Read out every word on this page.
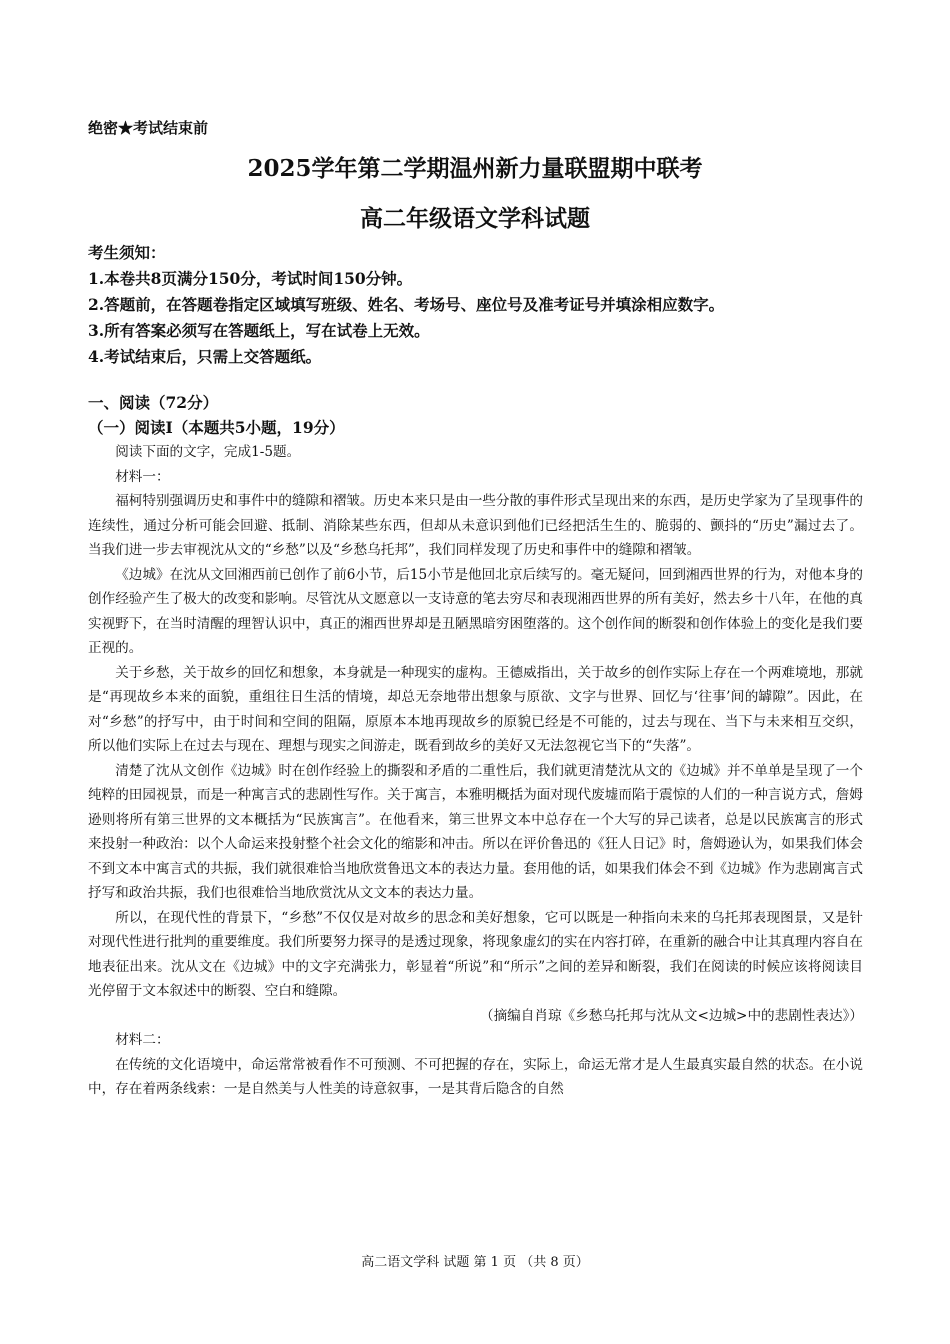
绝密★考试结束前
2025学年第二学期温州新力量联盟期中联考
高二年级语文学科试题
考生须知：
1.本卷共8页满分150分，考试时间150分钟。
2.答题前，在答题卷指定区域填写班级、姓名、考场号、座位号及准考证号并填涂相应数字。
3.所有答案必须写在答题纸上，写在试卷上无效。
4.考试结束后，只需上交答题纸。
一、阅读（72分）
（一）阅读Ⅰ（本题共5小题，19分）

阅读下面的文字，完成1-5题。

材料一：

福柯特别强调历史和事件中的缝隙和褶皱。历史本来只是由一些分散的事件形式呈现出来的东西，是历史学家为了呈现事件的连续性，通过分析可能会回避、抵制、消除某些东西，但却从未意识到他们已经把活生生的、脆弱的、颤抖的“历史”漏过去了。当我们进一步去审视沈从文的“乡愁”以及“乡愁乌托邦”，我们同样发现了历史和事件中的缝隙和褶皱。

《边城》在沈从文回湘西前已创作了前6小节，后15小节是他回北京后续写的。毫无疑问，回到湘西世界的行为，对他本身的创作经验产生了极大的改变和影响。尽管沈从文愿意以一支诗意的笔去穷尽和表现湘西世界的所有美好，然去乡十八年，在他的真实视野下，在当时清醒的理智认识中，真正的湘西世界却是丑陋黑暗穷困堕落的。这个创作间的断裂和创作体验上的变化是我们要正视的。

关于乡愁，关于故乡的回忆和想象，本身就是一种现实的虚构。王德威指出，关于故乡的创作实际上存在一个两难境地，那就是“再现故乡本来的面貌，重组往日生活的情境，却总无奈地带出想象与原欲、文字与世界、回忆与‘往事’间的罅隙”。因此，在对“乡愁”的抒写中，由于时间和空间的阻隔，原原本本地再现故乡的原貌已经是不可能的，过去与现在、当下与未来相互交织，所以他们实际上在过去与现在、理想与现实之间游走，既看到故乡的美好又无法忽视它当下的“失落”。

清楚了沈从文创作《边城》时在创作经验上的撕裂和矛盾的二重性后，我们就更清楚沈从文的《边城》并不单单是呈现了一个纯粹的田园视景，而是一种寓言式的悲剧性写作。关于寓言，本雅明概括为面对现代废墟而陷于震惊的人们的一种言说方式，詹姆逊则将所有第三世界的文本概括为“民族寓言”。在他看来，第三世界文本中总存在一个大写的异己读者，总是以民族寓言的形式来投射一种政治：以个人命运来投射整个社会文化的缩影和冲击。所以在评价鲁迅的《狂人日记》时，詹姆逊认为，如果我们体会不到文本中寓言式的共振，我们就很难恰当地欣赏鲁迅文本的表达力量。套用他的话，如果我们体会不到《边城》作为悲剧寓言式抒写和政治共振，我们也很难恰当地欣赏沈从文文本的表达力量。

所以，在现代性的背景下，“乡愁”不仅仅是对故乡的思念和美好想象，它可以既是一种指向未来的乌托邦表现图景，又是针对现代性进行批判的重要维度。我们所要努力探寻的是透过现象，将现象虚幻的实在内容打碎，在重新的融合中让其真理内容自在地表征出来。沈从文在《边城》中的文字充满张力，彰显着“所说”和“所示”之间的差异和断裂，我们在阅读的时候应该将阅读目光停留于文本叙述中的断裂、空白和缝隙。

（摘编自肖琼《乡愁乌托邦与沈从文<边城>中的悲剧性表达》）

材料二：

在传统的文化语境中，命运常常被看作不可预测、不可把握的存在，实际上，命运无常才是人生最真实最自然的状态。在小说中，存在着两条线索：一是自然美与人性美的诗意叙事，一是其背后隐含的自然

高二语文学科 试题 第 1 页 （共 8 页）
